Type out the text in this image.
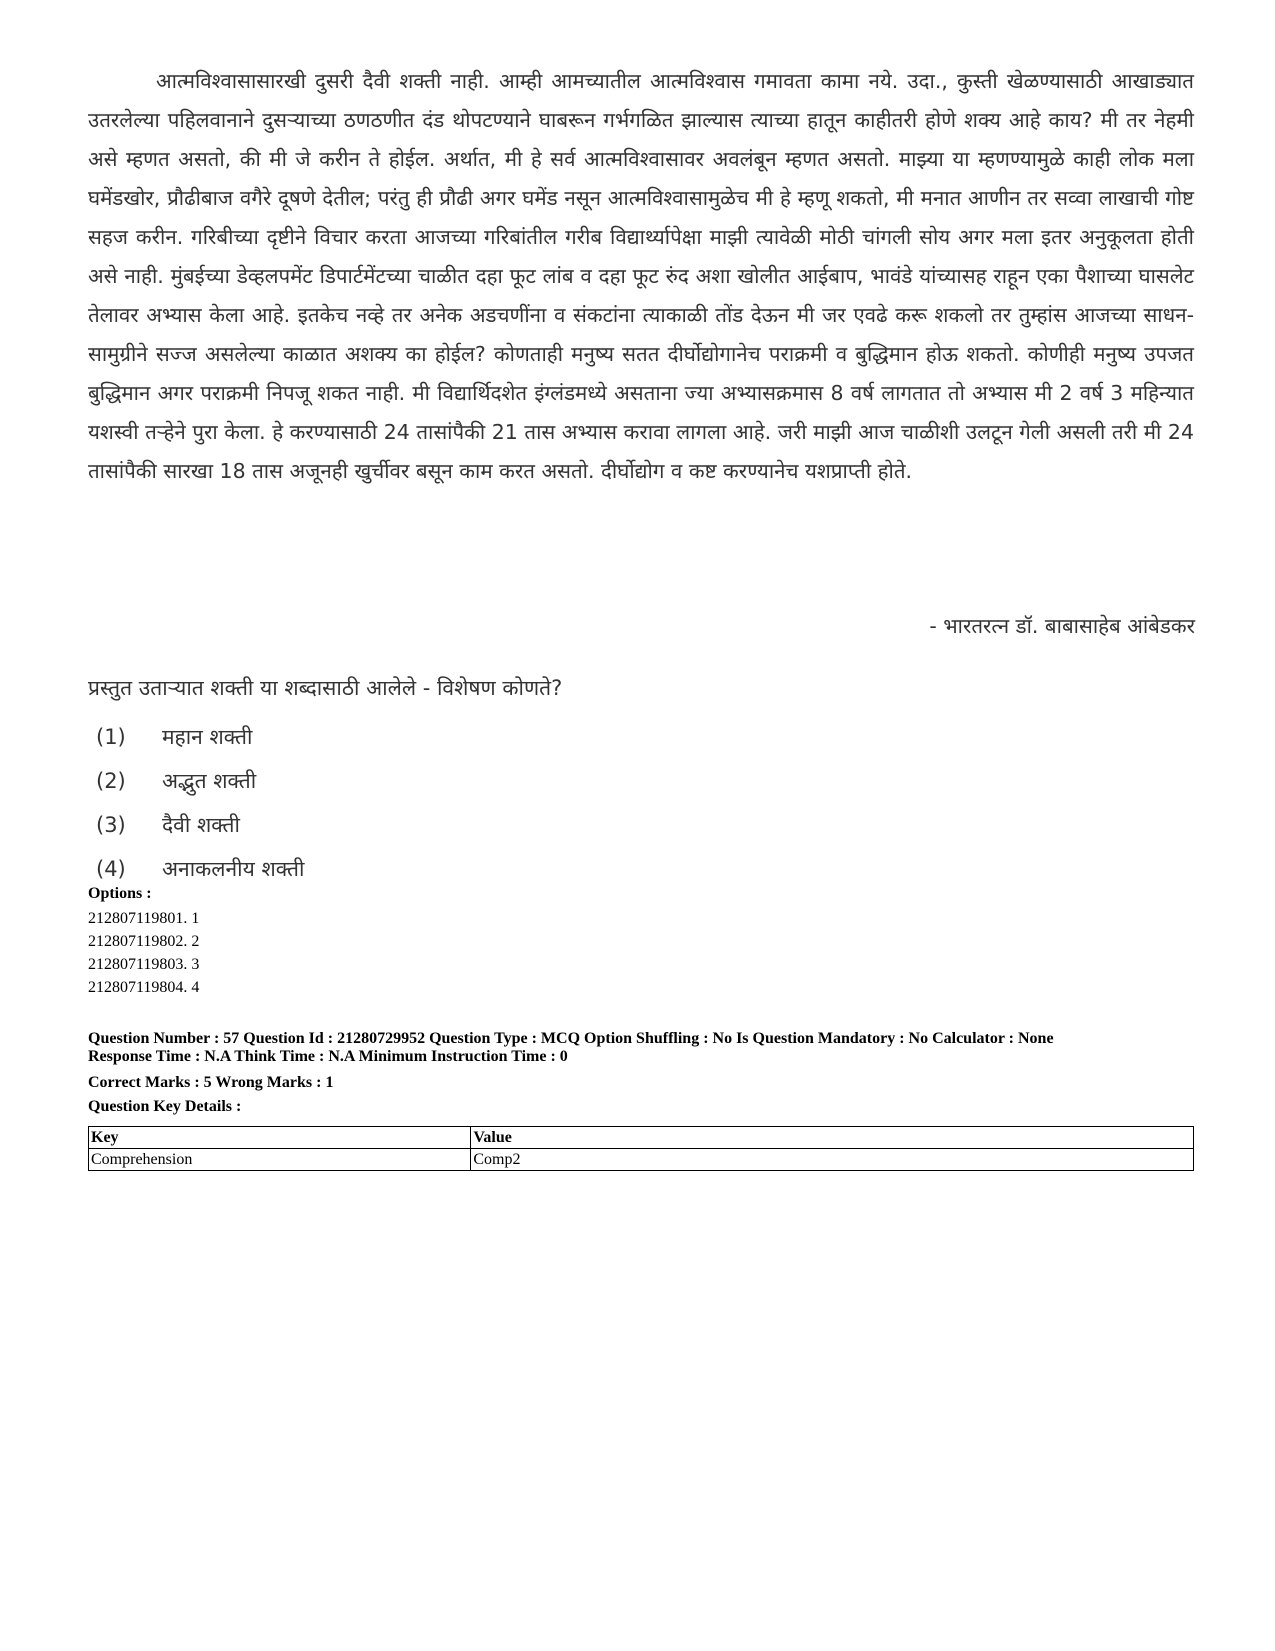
आत्मविश्वासासारखी दुसरी दैवी शक्ती नाही. आम्ही आमच्यातील आत्मविश्वास गमावता कामा नये. उदा., कुस्ती खेळण्यासाठी आखाड्यात उतरलेल्या पहिलवानाने दुसऱ्याच्या ठणठणीत दंड थोपटण्याने घाबरून गर्भगळित झाल्यास त्याच्या हातून काहीतरी होणे शक्य आहे काय? मी तर नेहमी असे म्हणत असतो, की मी जे करीन ते होईल. अर्थात, मी हे सर्व आत्मविश्वासावर अवलंबून म्हणत असतो. माझ्या या म्हणण्यामुळे काही लोक मला घमेंडखोर, प्रौढीबाज वगैरे दूषणे देतील; परंतु ही प्रौढी अगर घमेंड नसून आत्मविश्वासामुळेच मी हे म्हणू शकतो, मी मनात आणीन तर सव्वा लाखाची गोष्ट सहज करीन. गरिबीच्या दृष्टीने विचार करता आजच्या गरिबांतील गरीब विद्यार्थ्यापेक्षा माझी त्यावेळी मोठी चांगली सोय अगर मला इतर अनुकूलता होती असे नाही. मुंबईच्या डेव्हलपमेंट डिपार्टमेंटच्या चाळीत दहा फूट लांब व दहा फूट रुंद अशा खोलीत आईबाप, भावंडे यांच्यासह राहून एका पैशाच्या घासलेट तेलावर अभ्यास केला आहे. इतकेच नव्हे तर अनेक अडचणींना व संकटांना त्याकाळी तोंड देऊन मी जर एवढे करू शकलो तर तुम्हांस आजच्या साधन-सामुग्रीने सज्ज असलेल्या काळात अशक्य का होईल? कोणताही मनुष्य सतत दीर्घोद्योगानेच पराक्रमी व बुद्धिमान होऊ शकतो. कोणीही मनुष्य उपजत बुद्धिमान अगर पराक्रमी निपजू शकत नाही. मी विद्यार्थिदशेत इंग्लंडमध्ये असताना ज्या अभ्यासक्रमास 8 वर्ष लागतात तो अभ्यास मी 2 वर्ष 3 महिन्यात यशस्वी तऱ्हेने पुरा केला. हे करण्यासाठी 24 तासांपैकी 21 तास अभ्यास करावा लागला आहे. जरी माझी आज चाळीशी उलटून गेली असली तरी मी 24 तासांपैकी सारखा 18 तास अजूनही खुर्चीवर बसून काम करत असतो. दीर्घोद्योग व कष्ट करण्यानेच यशप्राप्ती होते.

- भारतरत्न डॉ. बाबासाहेब आंबेडकर

प्रस्तुत उताऱ्यात शक्ती या शब्दासाठी आलेले - विशेषण कोणते?

(1) महान शक्ती
(2) अद्भुत शक्ती
(3) दैवी शक्ती
(4) अनाकलनीय शक्ती

Options :

212807119801. 1
212807119802. 2
212807119803. 3
212807119804. 4

Question Number : 57 Question Id : 21280729952 Question Type : MCQ Option Shuffling : No Is Question Mandatory : No Calculator : None

Response Time : N.A Think Time : N.A Minimum Instruction Time : 0

Correct Marks : 5 Wrong Marks : 1

Question Key Details :

Key	Value
Comprehension	Comp2
